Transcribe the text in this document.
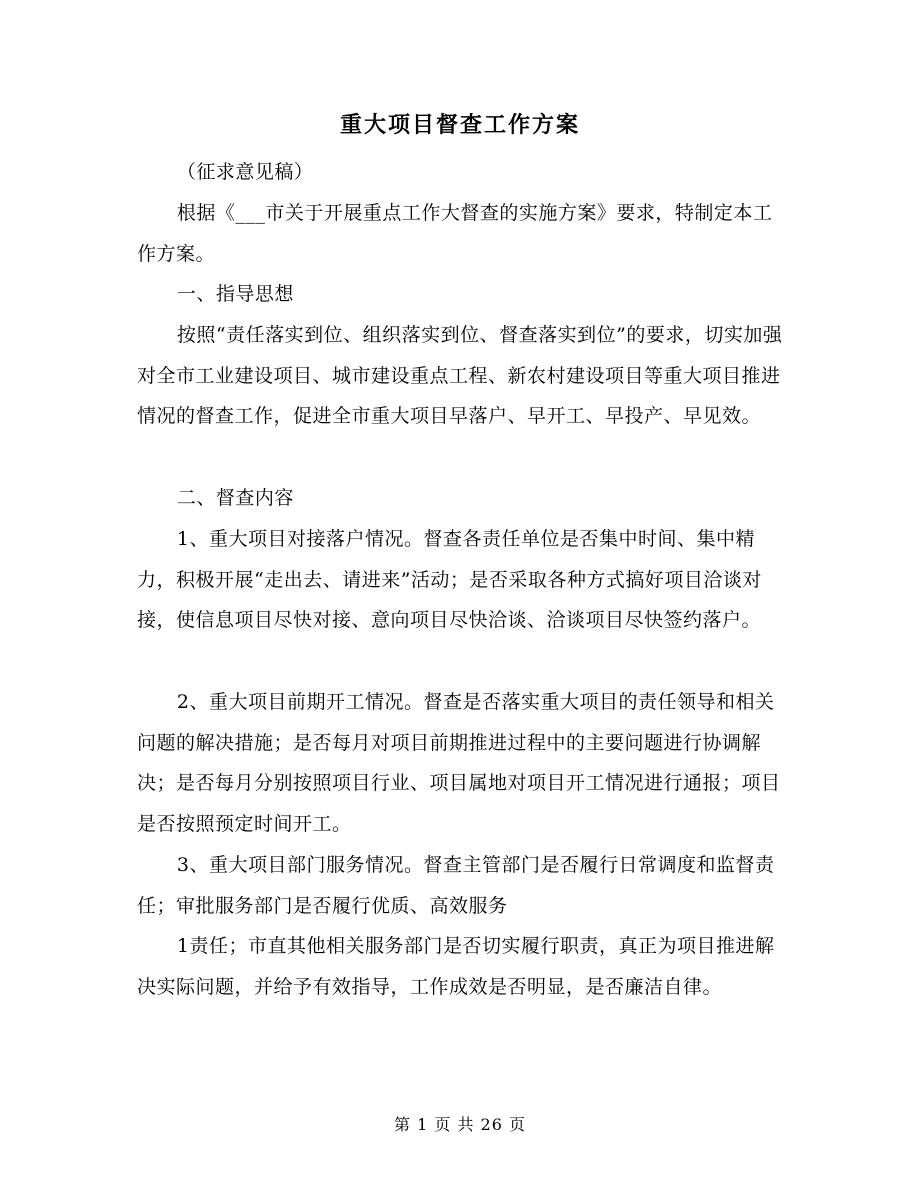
重大项目督查工作方案

（征求意见稿）

根据《___市关于开展重点工作大督查的实施方案》要求，特制定本工作方案。

一、指导思想

按照“责任落实到位、组织落实到位、督查落实到位”的要求，切实加强对全市工业建设项目、城市建设重点工程、新农村建设项目等重大项目推进情况的督查工作，促进全市重大项目早落户、早开工、早投产、早见效。

二、督查内容

1、重大项目对接落户情况。督查各责任单位是否集中时间、集中精力，积极开展“走出去、请进来”活动；是否采取各种方式搞好项目洽谈对接，使信息项目尽快对接、意向项目尽快洽谈、洽谈项目尽快签约落户。

2、重大项目前期开工情况。督查是否落实重大项目的责任领导和相关问题的解决措施；是否每月对项目前期推进过程中的主要问题进行协调解决；是否每月分别按照项目行业、项目属地对项目开工情况进行通报；项目是否按照预定时间开工。

3、重大项目部门服务情况。督查主管部门是否履行日常调度和监督责任；审批服务部门是否履行优质、高效服务

1责任；市直其他相关服务部门是否切实履行职责，真正为项目推进解决实际问题，并给予有效指导，工作成效是否明显，是否廉洁自律。

第 1 页 共 26 页
